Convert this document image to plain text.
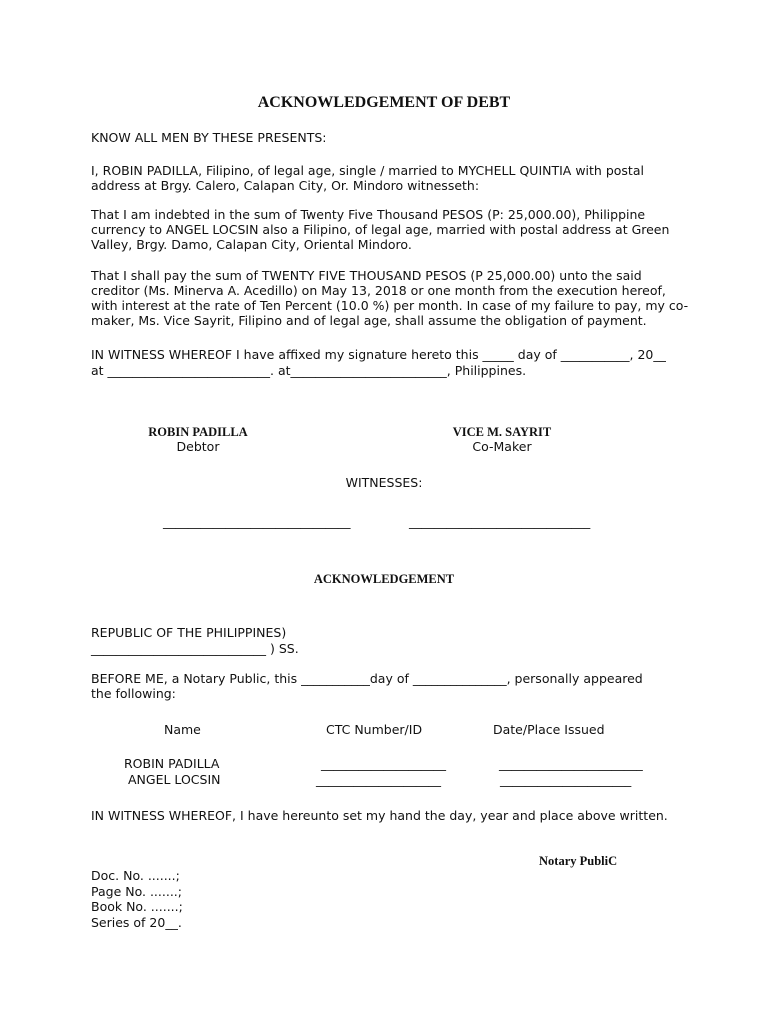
ACKNOWLEDGEMENT OF DEBT
KNOW ALL MEN BY THESE PRESENTS:
I, ROBIN PADILLA, Filipino, of legal age, single / married to MYCHELL QUINTIA with postal
address at Brgy. Calero, Calapan City, Or. Mindoro witnesseth:
That I am indebted in the sum of Twenty Five Thousand PESOS (P: 25,000.00), Philippine
currency to ANGEL LOCSIN also a Filipino, of legal age, married with postal address at Green
Valley, Brgy. Damo, Calapan City, Oriental Mindoro.
That I shall pay the sum of TWENTY FIVE THOUSAND PESOS (P 25,000.00) unto the said
creditor (Ms. Minerva A. Acedillo) on May 13, 2018 or one month from the execution hereof,
with interest at the rate of Ten Percent (10.0 %) per month. In case of my failure to pay, my co-
maker, Ms. Vice Sayrit, Filipino and of legal age, shall assume the obligation of payment.
IN WITNESS WHEREOF I have affixed my signature hereto this _____ day of ___________, 20__
at __________________________. at_________________________, Philippines.
ROBIN PADILLA
Debtor
VICE M. SAYRIT
Co-Maker
WITNESSES:
______________________________	_____________________________
ACKNOWLEDGEMENT
REPUBLIC OF THE PHILIPPINES)
____________________________ ) SS.
BEFORE ME, a Notary Public, this ___________day of _______________, personally appeared
the following:
Name	CTC Number/ID	Date/Place Issued
ROBIN PADILLA	____________________	_______________________
ANGEL LOCSIN	____________________	_____________________
IN WITNESS WHEREOF, I have hereunto set my hand the day, year and place above written.
Notary PubliC
Doc. No. .......;
Page No. .......;
Book No. .......;
Series of 20__.
